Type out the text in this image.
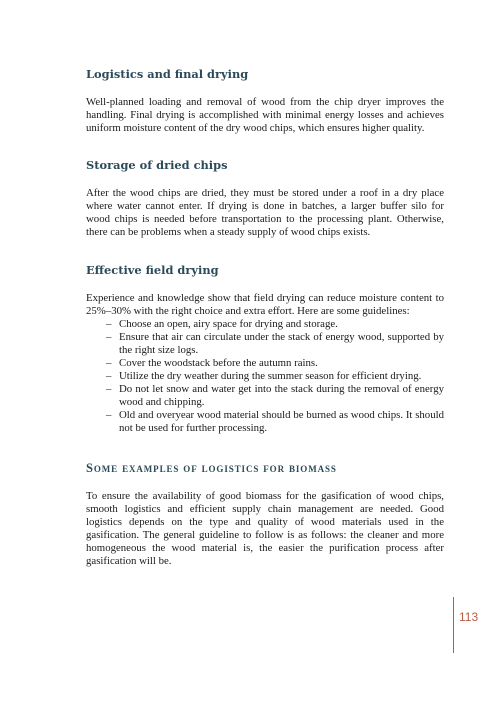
Logistics and final drying

Well-planned loading and removal of wood from the chip dryer improves the handling. Final drying is accomplished with minimal energy losses and achieves uniform moisture content of the dry wood chips, which ensures higher quality.

Storage of dried chips

After the wood chips are dried, they must be stored under a roof in a dry place where water cannot enter. If drying is done in batches, a larger buffer silo for wood chips is needed before transportation to the processing plant. Otherwise, there can be problems when a steady supply of wood chips exists.

Effective field drying

Experience and knowledge show that field drying can reduce moisture content to 25%–30% with the right choice and extra effort. Here are some guidelines:

– Choose an open, airy space for drying and storage.
– Ensure that air can circulate under the stack of energy wood, supported by the right size logs.
– Cover the woodstack before the autumn rains.
– Utilize the dry weather during the summer season for efficient drying.
– Do not let snow and water get into the stack during the removal of energy wood and chipping.
– Old and overyear wood material should be burned as wood chips. It should not be used for further processing.
Some examples of logistics for biomass

To ensure the availability of good biomass for the gasification of wood chips, smooth logistics and efficient supply chain management are needed. Good logistics depends on the type and quality of wood materials used in the gasification. The general guideline to follow is as follows: the cleaner and more homogeneous the wood material is, the easier the purification process after gasification will be.

113
